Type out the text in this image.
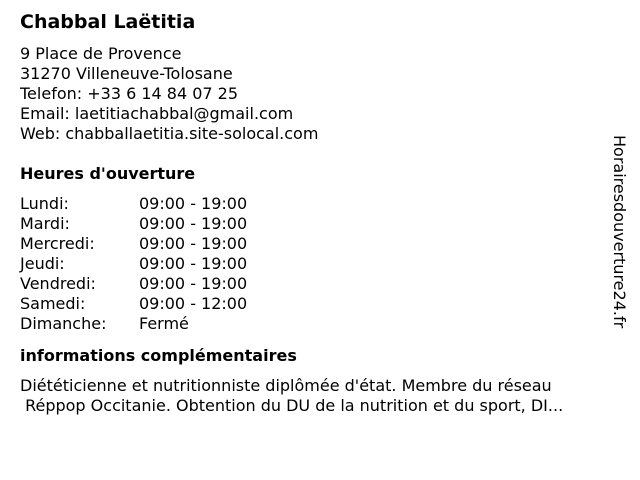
Chabbal Laëtitia
9 Place de Provence
31270 Villeneuve-Tolosane
Telefon: +33 6 14 84 07 25
Email: laetitiachabbal@gmail.com
Web: chabballaetitia.site-solocal.com
Heures d'ouverture
Lundi:	09:00 - 19:00
Mardi:	09:00 - 19:00
Mercredi:	09:00 - 19:00
Jeudi:	09:00 - 19:00
Vendredi:	09:00 - 19:00
Samedi:	09:00 - 12:00
Dimanche: Fermé
informations complémentaires
Diététicienne et nutritionniste diplômée d'état. Membre du réseau
Réppop Occitanie. Obtention du DU de la nutrition et du sport, DI...
Horairesdouverture24.fr
